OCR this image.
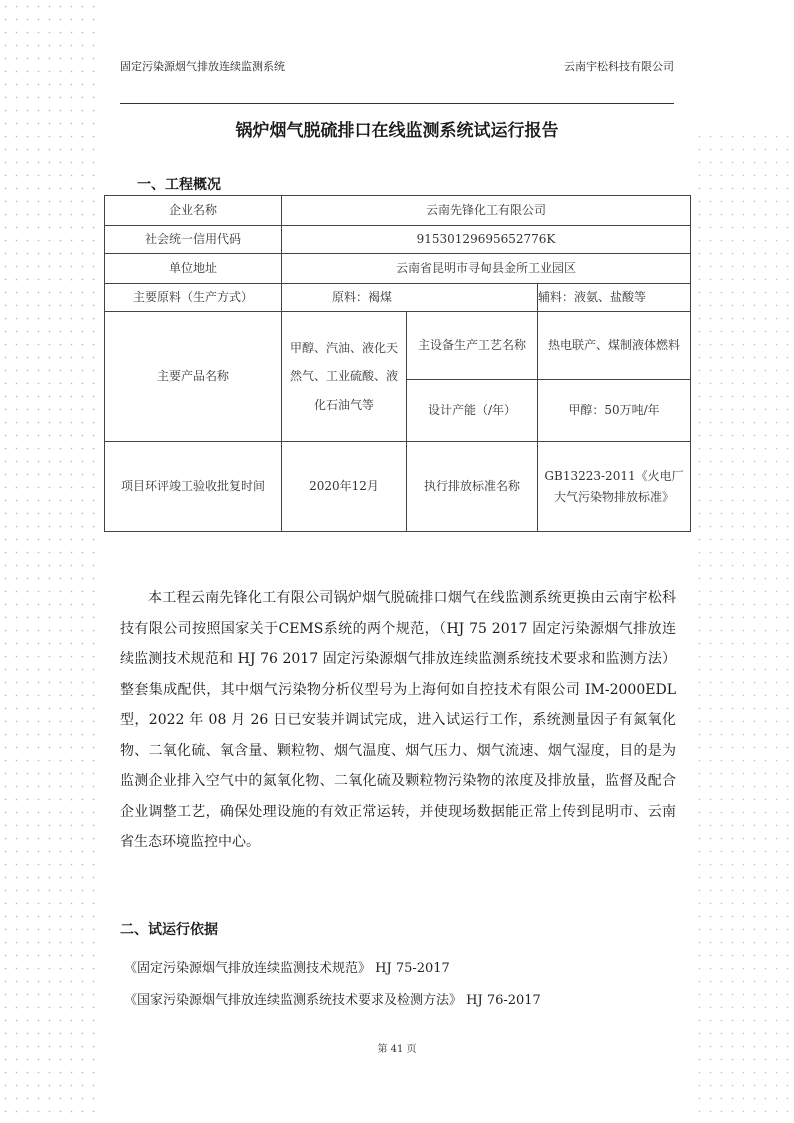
固定污染源烟气排放连续监测系统	云南宇松科技有限公司
锅炉烟气脱硫排口在线监测系统试运行报告
一、工程概况
企业名称	云南先锋化工有限公司		
社会统一信用代码	91530129695652776K		
单位地址	云南省昆明市寻甸县金所工业园区		
主要原料（生产方式）	原料：褐煤		辅料：液氨、盐酸等
主要产品名称	甲醇、汽油、液化天然气、工业硫酸、液化石油气等	主设备生产工艺名称	热电联产、煤制液体燃料
		设计产能（/年）	甲醇：50万吨/年
项目环评竣工验收批复时间	2020年12月	执行排放标准名称	GB13223-2011《火电厂大气污染物排放标准》

本工程云南先锋化工有限公司锅炉烟气脱硫排口烟气在线监测系统更换由云南宇松科技有限公司按照国家关于CEMS系统的两个规范，（HJ 75 2017 固定污染源烟气排放连续监测技术规范和 HJ 76 2017 固定污染源烟气排放连续监测系统技术要求和监测方法）整套集成配供，其中烟气污染物分析仪型号为上海何如自控技术有限公司 IM-2000EDL 型，2022 年 08 月 26 日已安装并调试完成，进入试运行工作，系统测量因子有氮氧化物、二氧化硫、氧含量、颗粒物、烟气温度、烟气压力、烟气流速、烟气湿度，目的是为监测企业排入空气中的氮氧化物、二氧化硫及颗粒物污染物的浓度及排放量，监督及配合企业调整工艺，确保处理设施的有效正常运转，并使现场数据能正常上传到昆明市、云南省生态环境监控中心。

二、试运行依据
《固定污染源烟气排放连续监测技术规范》 HJ 75-2017
《国家污染源烟气排放连续监测系统技术要求及检测方法》 HJ 76-2017
第 41 页
